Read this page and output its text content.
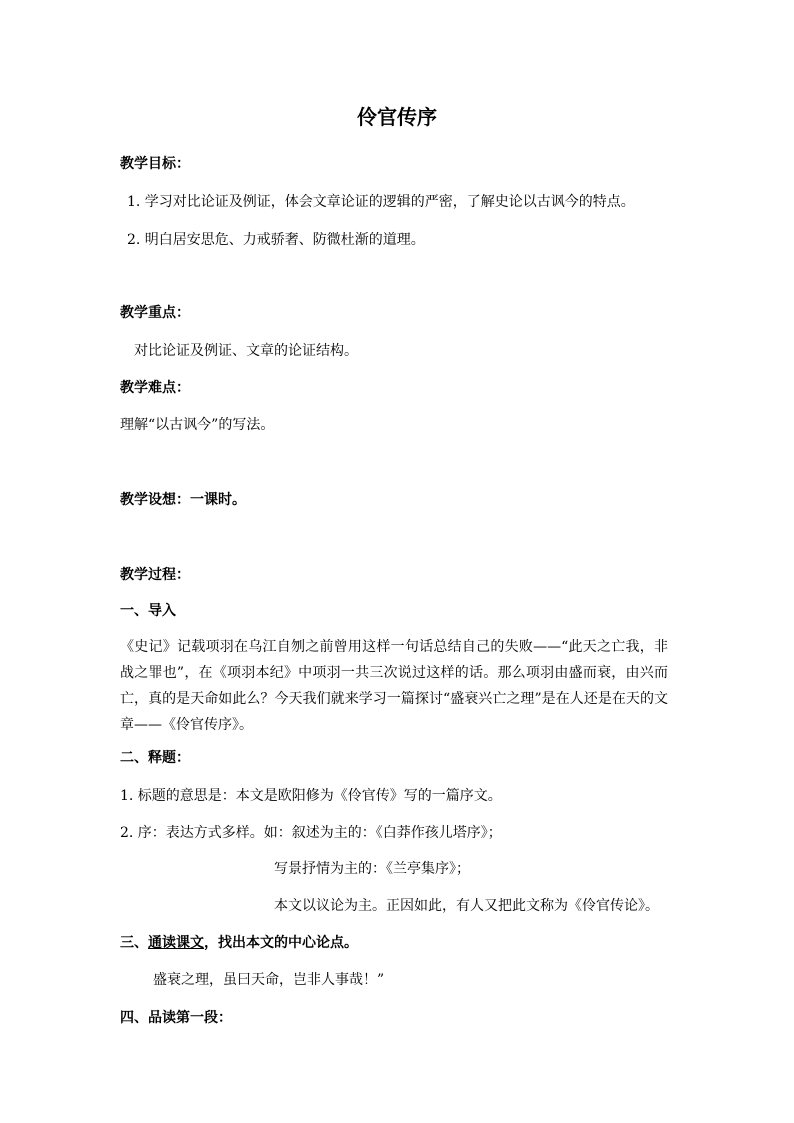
伶官传序
教学目标：
1. 学习对比论证及例证，体会文章论证的逻辑的严密，了解史论以古讽今的特点。
2. 明白居安思危、力戒骄奢、防微杜渐的道理。
教学重点：
对比论证及例证、文章的论证结构。
教学难点：
理解“以古讽今”的写法。
教学设想：一课时。
教学过程：
一、导入
《史记》记载项羽在乌江自刎之前曾用这样一句话总结自己的失败——“此天之亡我，非战之罪也”，在《项羽本纪》中项羽一共三次说过这样的话。那么项羽由盛而衰，由兴而亡，真的是天命如此么？今天我们就来学习一篇探讨“盛衰兴亡之理”是在人还是在天的文章——《伶官传序》。
二、释题：
1. 标题的意思是：本文是欧阳修为《伶官传》写的一篇序文。
2. 序：表达方式多样。如：叙述为主的：《白莽作孩儿塔序》；
写景抒情为主的：《兰亭集序》；
本文以议论为主。正因如此，有人又把此文称为《伶官传论》。
三、通读课文，找出本文的中心论点。
盛衰之理，虽曰天命，岂非人事哉！”
四、品读第一段：
